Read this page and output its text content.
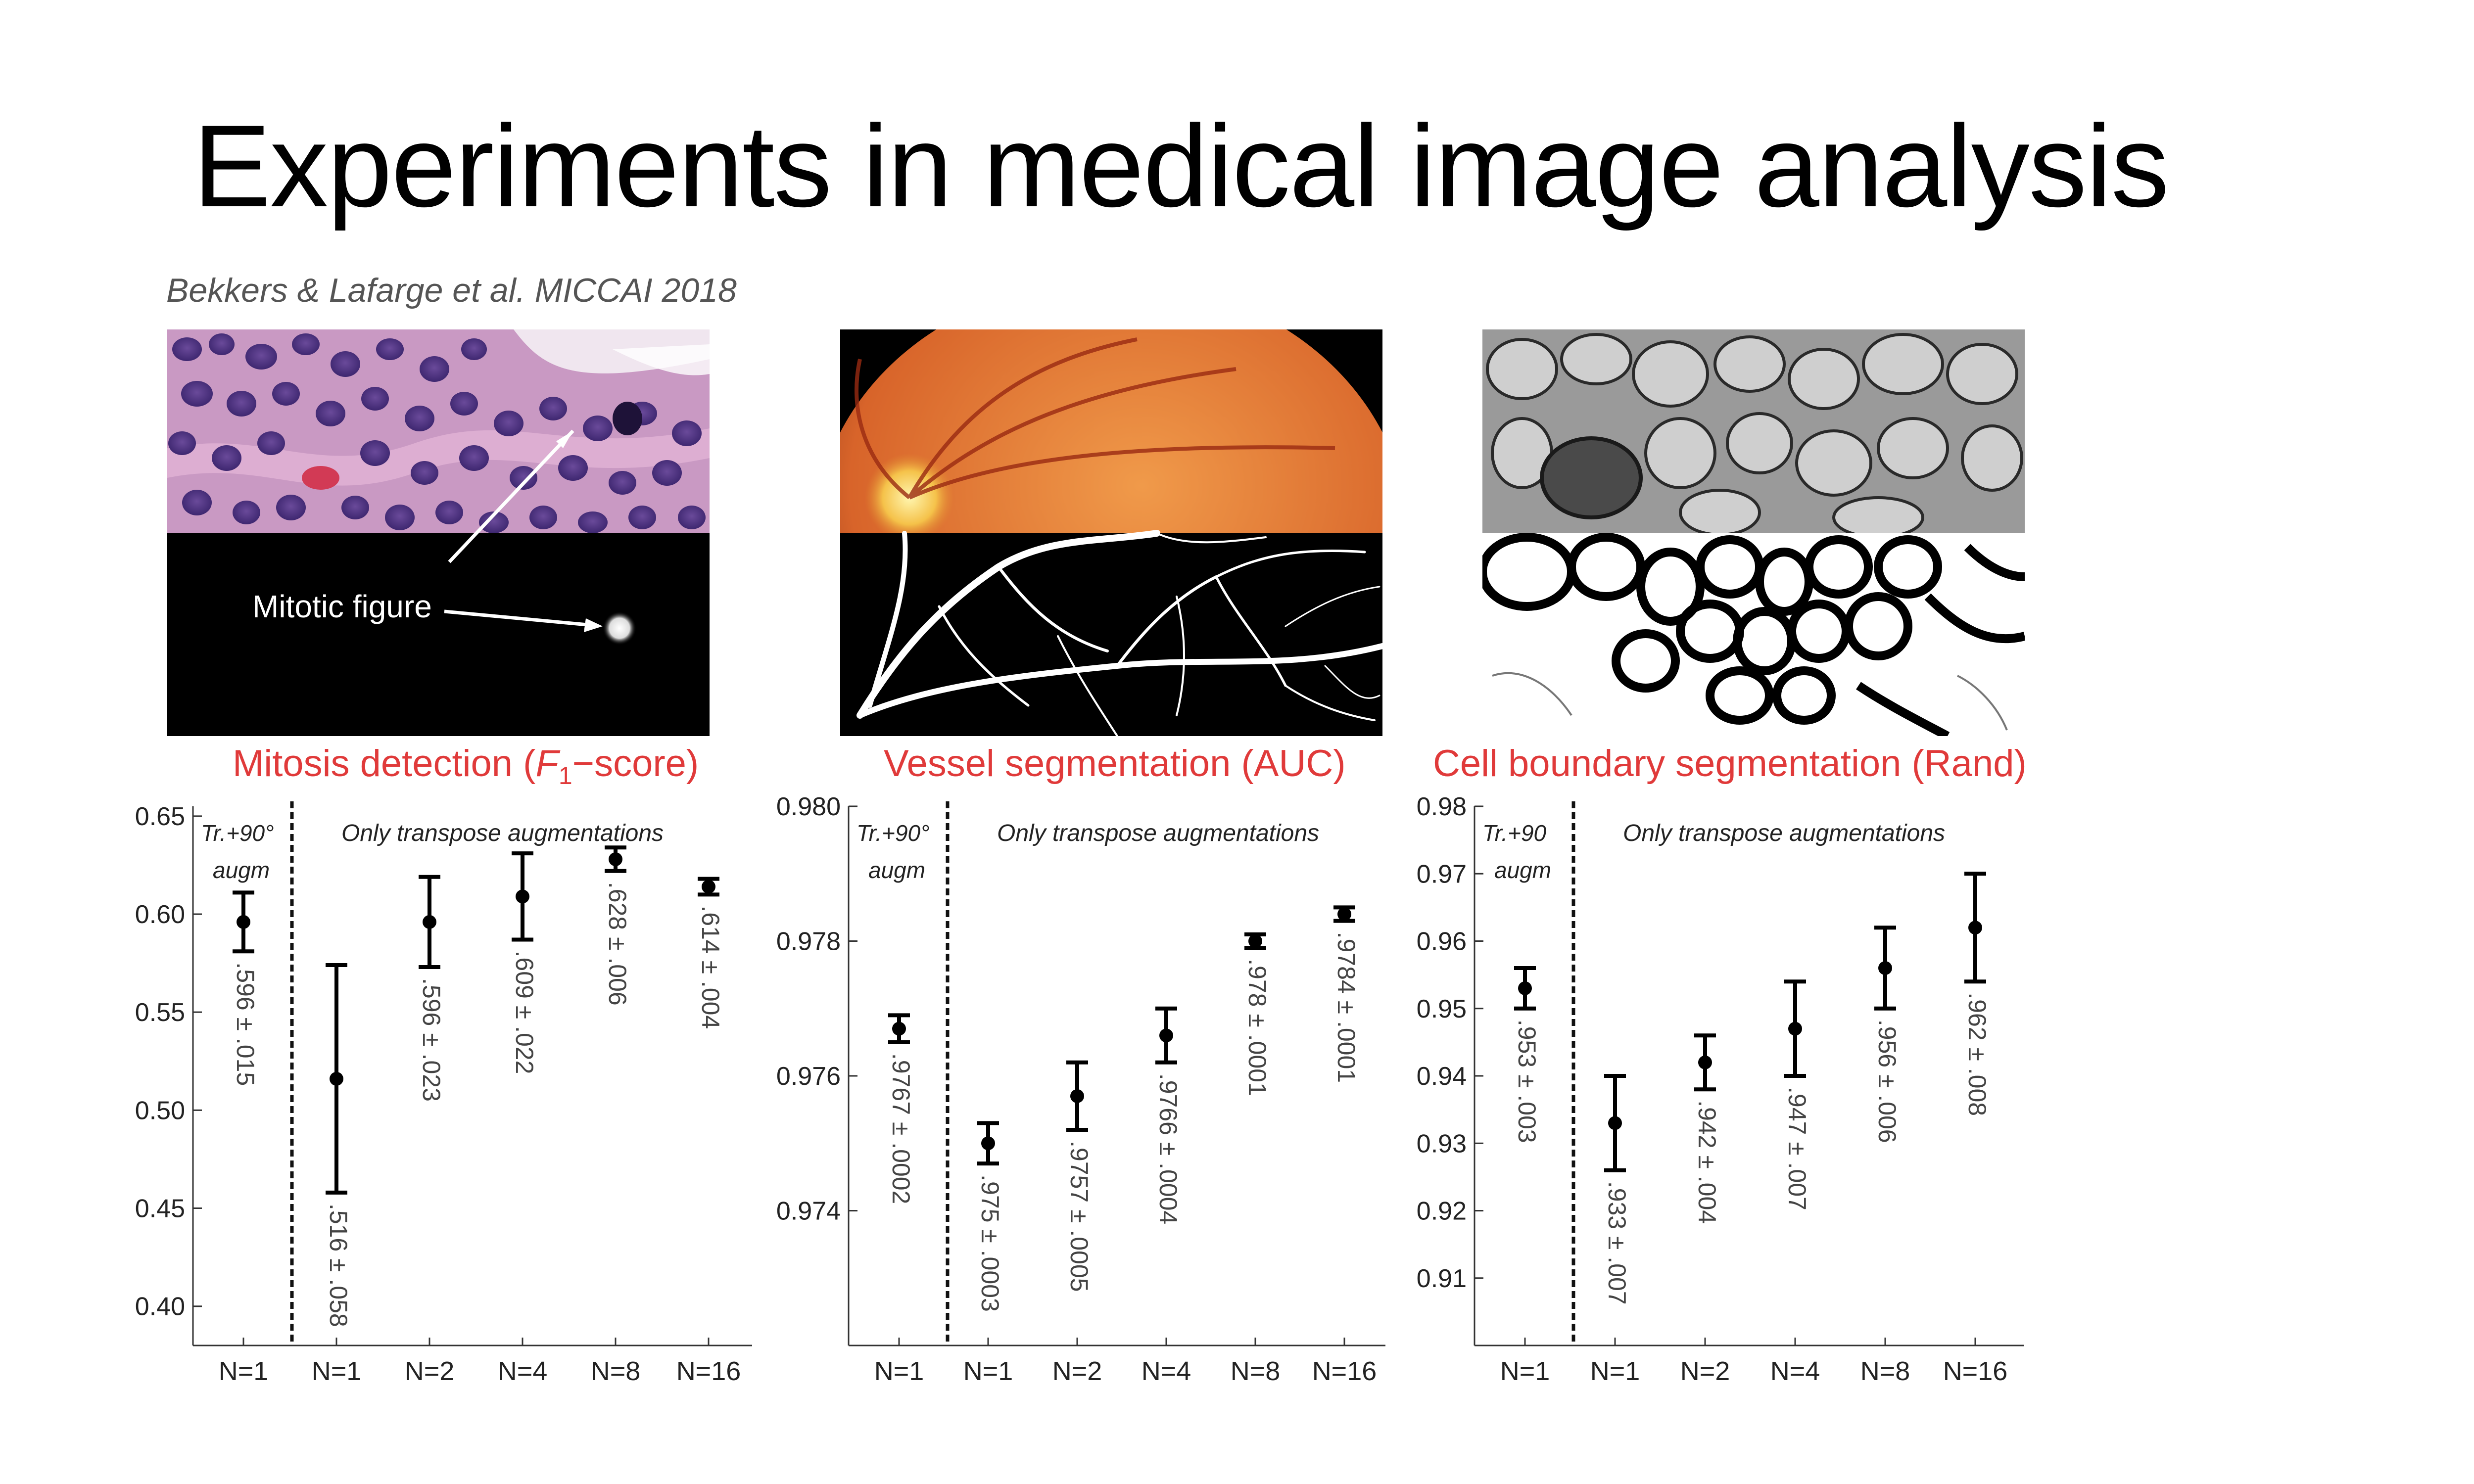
Experiments in medical image analysis
Bekkers & Lafarge et al. MICCAI 2018
Mitotic figure
Mitosis detection $(F_1-score)$	Vessel segmentation (AUC) Cell boundary segmentation (Rand)
0.40
0.45
0.50
0.55
0.60
0.65
Tr.+90°
augm
Only transpose augmentations
.596 ± .015
N=1
.516 ± .058
N=1
.596 ± .023
N=2
.609 ± .022
N=4
.628 ± .006
N=8
.614 ± .004
N=16
0.974
0.976
0.978
0.980
Tr.+90°
augm
Only transpose augmentations
.9767 ± .0002
N=1
.975 ± .0003
N=1
.9757 ± .0005
N=2
.9766 ± .0004
N=4
.978 ± .0001
N=8
.9784 ± .0001
N=16
0.91
0.92
0.93
0.94
0.95
0.96
0.97
0.98
Tr.+90
augm
Only transpose augmentations
.953 ± .003
N=1
.933 ± .007
N=1
.942 ± .004
N=2
.947 ± .007
N=4
.956 ± .006
N=8
.962 ± .008
N=16
